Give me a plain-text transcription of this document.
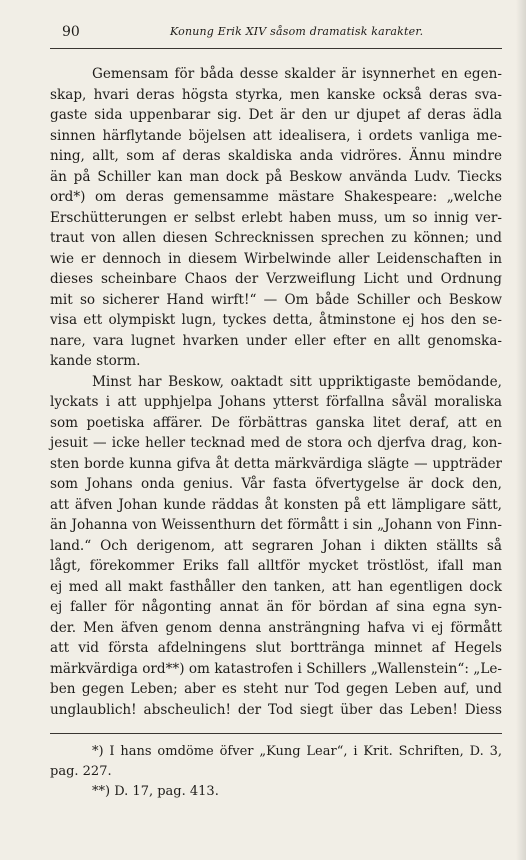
90	Konung Erik XIV såsom dramatisk karakter.
Gemensam för båda desse skalder är isynnerhet en egen-
skap, hvari deras högsta styrka, men kanske också deras sva-
gaste sida uppenbarar sig. Det är den ur djupet af deras ädla
sinnen härflytande böjelsen att idealisera, i ordets vanliga me-
ning, allt, som af deras skaldiska anda vidröres. Ännu mindre
än på Schiller kan man dock på Beskow använda Ludv. Tiecks
ord*) om deras gemensamme mästare Shakespeare: „welche
Erschütterungen er selbst erlebt haben muss, um so innig ver-
traut von allen diesen Schrecknissen sprechen zu können; und
wie er dennoch in diesem Wirbelwinde aller Leidenschaften in
dieses scheinbare Chaos der Verzweiflung Licht und Ordnung
mit so sicherer Hand wirft!“ — Om både Schiller och Beskow
visa ett olympiskt lugn, tyckes detta, åtminstone ej hos den se-
nare, vara lugnet hvarken under eller efter en allt genomska-
kande storm.
Minst har Beskow, oaktadt sitt uppriktigaste bemödande,
lyckats i att upphjelpa Johans ytterst förfallna såväl moraliska
som poetiska affärer. De förbättras ganska litet deraf, att en
jesuit — icke heller tecknad med de stora och djerfva drag, kon-
sten borde kunna gifva åt detta märkvärdiga slägte — uppträder
som Johans onda genius. Vår fasta öfvertygelse är dock den,
att äfven Johan kunde räddas åt konsten på ett lämpligare sätt,
än Johanna von Weissenthurn det förmått i sin „Johann von Finn-
land.“ Och derigenom, att segraren Johan i dikten ställts så
lågt, förekommer Eriks fall alltför mycket tröstlöst, ifall man
ej med all makt fasthåller den tanken, att han egentligen dock
ej faller för någonting annat än för bördan af sina egna syn-
der. Men äfven genom denna ansträngning hafva vi ej förmått
att vid första afdelningens slut borttränga minnet af Hegels
märkvärdiga ord**) om katastrofen i Schillers „Wallenstein“: „Le-
ben gegen Leben; aber es steht nur Tod gegen Leben auf, und
unglaublich! abscheulich! der Tod siegt über das Leben! Diess
*) I hans omdöme öfver „Kung Lear“, i Krit. Schriften, D. 3,
pag. 227.
**) D. 17, pag. 413.
